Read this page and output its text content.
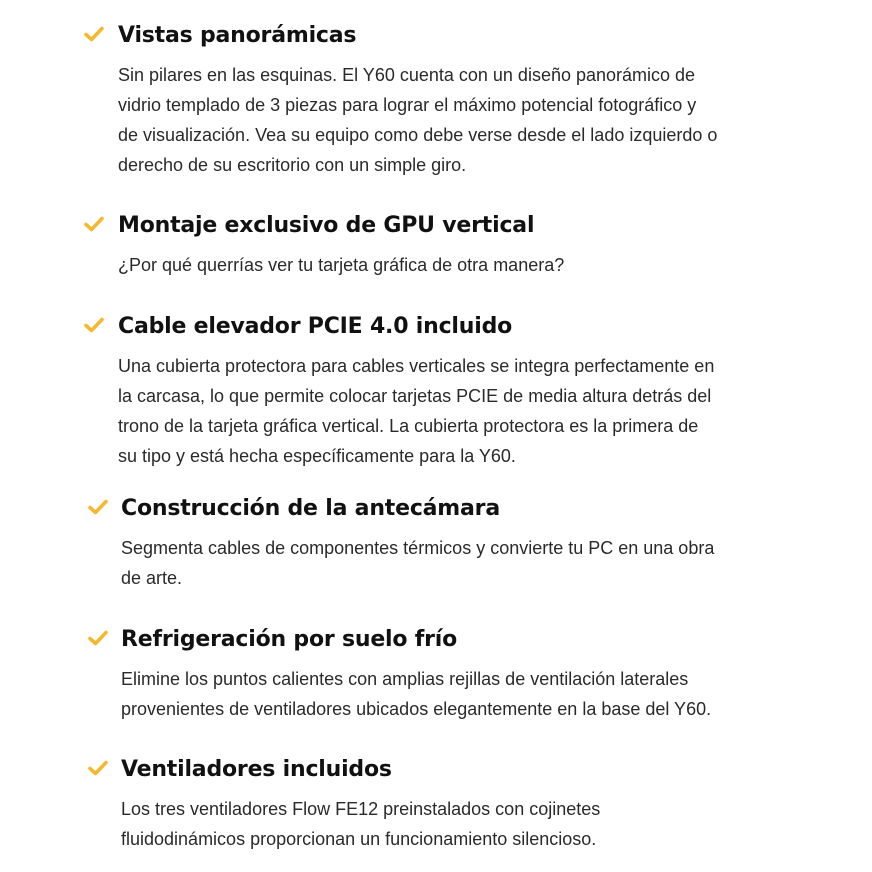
Vistas panorámicas
Sin pilares en las esquinas. El Y60 cuenta con un diseño panorámico de
vidrio templado de 3 piezas para lograr el máximo potencial fotográfico y
de visualización. Vea su equipo como debe verse desde el lado izquierdo o
derecho de su escritorio con un simple giro.
Montaje exclusivo de GPU vertical
¿Por qué querrías ver tu tarjeta gráfica de otra manera?
Cable elevador PCIE 4.0 incluido
Una cubierta protectora para cables verticales se integra perfectamente en
la carcasa, lo que permite colocar tarjetas PCIE de media altura detrás del
trono de la tarjeta gráfica vertical. La cubierta protectora es la primera de
su tipo y está hecha específicamente para la Y60.
Construcción de la antecámara
Segmenta cables de componentes térmicos y convierte tu PC en una obra
de arte.
Refrigeración por suelo frío
Elimine los puntos calientes con amplias rejillas de ventilación laterales
provenientes de ventiladores ubicados elegantemente en la base del Y60.
Ventiladores incluidos
Los tres ventiladores Flow FE12 preinstalados con cojinetes
fluidodinámicos proporcionan un funcionamiento silencioso.
